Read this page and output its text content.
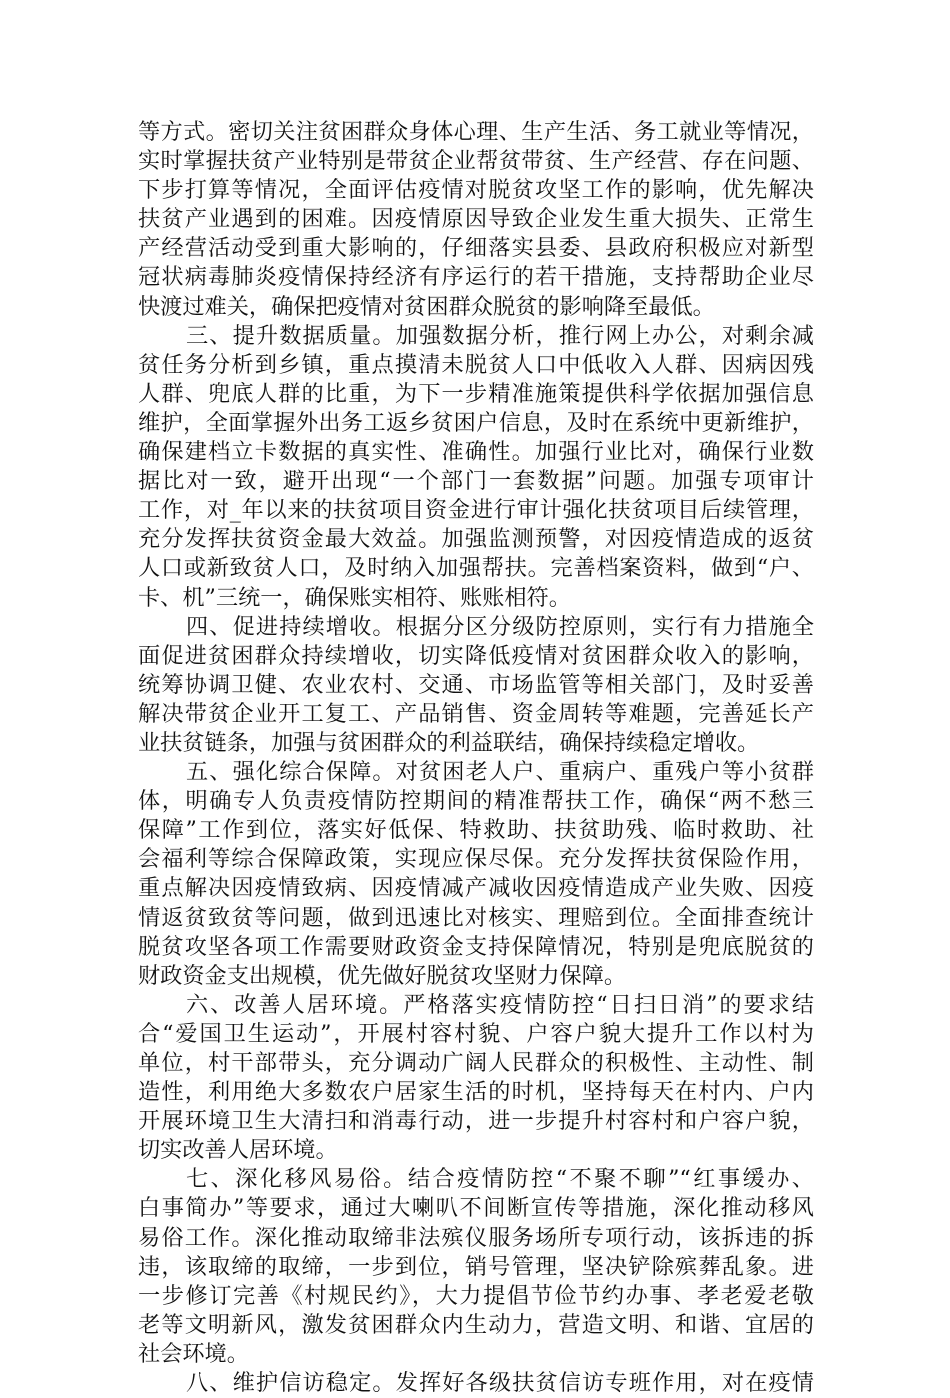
等方式。密切关注贫困群众身体心理、生产生活、务工就业等情况，
实时掌握扶贫产业特别是带贫企业帮贫带贫、生产经营、存在问题、
下步打算等情况，全面评估疫情对脱贫攻坚工作的影响，优先解决
扶贫产业遇到的困难。因疫情原因导致企业发生重大损失、正常生
产经营活动受到重大影响的，仔细落实县委、县政府积极应对新型
冠状病毒肺炎疫情保持经济有序运行的若干措施，支持帮助企业尽
快渡过难关，确保把疫情对贫困群众脱贫的影响降至最低。
三、提升数据质量。加强数据分析，推行网上办公，对剩余减
贫任务分析到乡镇，重点摸清未脱贫人口中低收入人群、因病因残
人群、兜底人群的比重，为下一步精准施策提供科学依据加强信息
维护，全面掌握外出务工返乡贫困户信息，及时在系统中更新维护，
确保建档立卡数据的真实性、准确性。加强行业比对，确保行业数
据比对一致，避开出现“一个部门一套数据”问题。加强专项审计
工作，对_年以来的扶贫项目资金进行审计强化扶贫项目后续管理，
充分发挥扶贫资金最大效益。加强监测预警，对因疫情造成的返贫
人口或新致贫人口，及时纳入加强帮扶。完善档案资料，做到“户、
卡、机”三统一，确保账实相符、账账相符。
四、促进持续增收。根据分区分级防控原则，实行有力措施全
面促进贫困群众持续增收，切实降低疫情对贫困群众收入的影响，
统筹协调卫健、农业农村、交通、市场监管等相关部门，及时妥善
解决带贫企业开工复工、产品销售、资金周转等难题，完善延长产
业扶贫链条，加强与贫困群众的利益联结，确保持续稳定增收。
五、强化综合保障。对贫困老人户、重病户、重残户等小贫群
体，明确专人负责疫情防控期间的精准帮扶工作，确保“两不愁三
保障”工作到位，落实好低保、特救助、扶贫助残、临时救助、社
会福利等综合保障政策，实现应保尽保。充分发挥扶贫保险作用，
重点解决因疫情致病、因疫情减产减收因疫情造成产业失败、因疫
情返贫致贫等问题，做到迅速比对核实、理赔到位。全面排查统计
脱贫攻坚各项工作需要财政资金支持保障情况，特别是兜底脱贫的
财政资金支出规模，优先做好脱贫攻坚财力保障。
六、改善人居环境。严格落实疫情防控“日扫日消”的要求结
合“爱国卫生运动”，开展村容村貌、户容户貌大提升工作以村为
单位，村干部带头，充分调动广阔人民群众的积极性、主动性、制
造性，利用绝大多数农户居家生活的时机，坚持每天在村内、户内
开展环境卫生大清扫和消毒行动，进一步提升村容村和户容户貌，
切实改善人居环境。
七、深化移风易俗。结合疫情防控“不聚不聊”“红事缓办、
白事简办”等要求，通过大喇叭不间断宣传等措施，深化推动移风
易俗工作。深化推动取缔非法殡仪服务场所专项行动，该拆违的拆
违，该取缔的取缔，一步到位，销号管理，坚决铲除殡葬乱象。进
一步修订完善《村规民约》，大力提倡节俭节约办事、孝老爱老敬
老等文明新风，激发贫困群众内生动力，营造文明、和谐、宜居的
社会环境。
八、维护信访稳定。发挥好各级扶贫信访专班作用，对在疫情
